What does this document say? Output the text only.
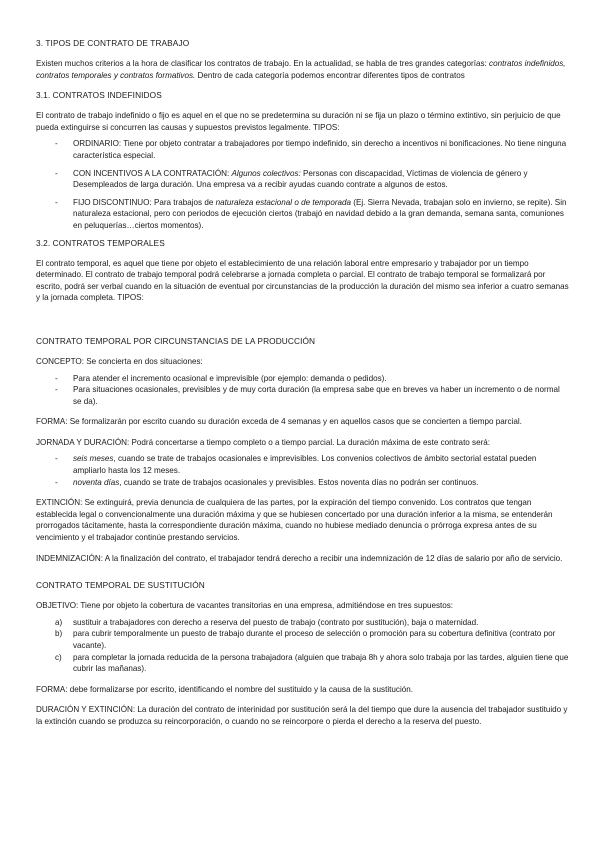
3. TIPOS DE CONTRATO DE TRABAJO

Existen muchos criterios a la hora de clasificar los contratos de trabajo. En la actualidad, se habla de tres grandes categorías: contratos indefinidos, contratos temporales y contratos formativos. Dentro de cada categoría podemos encontrar diferentes tipos de contratos

3.1. CONTRATOS INDEFINIDOS

El contrato de trabajo indefinido o fijo es aquel en el que no se predetermina su duración ni se fija un plazo o término extintivo, sin perjuicio de que pueda extinguirse si concurren las causas y supuestos previstos legalmente. TIPOS:

- ORDINARIO: Tiene por objeto contratar a trabajadores por tiempo indefinido, sin derecho a incentivos ni bonificaciones. No tiene ninguna característica especial.
- CON INCENTIVOS A LA CONTRATACIÓN: Algunos colectivos: Personas con discapacidad, Víctimas de violencia de género y Desempleados de larga duración. Una empresa va a recibir ayudas cuando contrate a algunos de estos.
- FIJO DISCONTINUO: Para trabajos de naturaleza estacional o de temporada (Ej. Sierra Nevada, trabajan solo en invierno, se repite). Sin naturaleza estacional, pero con periodos de ejecución ciertos (trabajó en navidad debido a la gran demanda, semana santa, comuniones en peluquerías…ciertos momentos).
3.2. CONTRATOS TEMPORALES

El contrato temporal, es aquel que tiene por objeto el establecimiento de una relación laboral entre empresario y trabajador por un tiempo determinado. El contrato de trabajo temporal podrá celebrarse a jornada completa o parcial. El contrato de trabajo temporal se formalizará por escrito, podrá ser verbal cuando en la situación de eventual por circunstancias de la producción la duración del mismo sea inferior a cuatro semanas y la jornada completa. TIPOS:

CONTRATO TEMPORAL POR CIRCUNSTANCIAS DE LA PRODUCCIÓN

CONCEPTO: Se concierta en dos situaciones:

- Para atender el incremento ocasional e imprevisible (por ejemplo: demanda o pedidos).
- Para situaciones ocasionales, previsibles y de muy corta duración (la empresa sabe que en breves va haber un incremento o de normal se da).

FORMA: Se formalizarán por escrito cuando su duración exceda de 4 semanas y en aquellos casos que se concierten a tiempo parcial.

JORNADA Y DURACIÓN: Podrá concertarse a tiempo completo o a tiempo parcial. La duración máxima de este contrato será:

- seis meses, cuando se trate de trabajos ocasionales e imprevisibles. Los convenios colectivos de ámbito sectorial estatal pueden ampliarlo hasta los 12 meses.
- noventa días, cuando se trate de trabajos ocasionales y previsibles. Estos noventa días no podrán ser continuos.

EXTINCIÓN: Se extinguirá, previa denuncia de cualquiera de las partes, por la expiración del tiempo convenido. Los contratos que tengan establecida legal o convencionalmente una duración máxima y que se hubiesen concertado por una duración inferior a la misma, se entenderán prorrogados tácitamente, hasta la correspondiente duración máxima, cuando no hubiese mediado denuncia o prórroga expresa antes de su vencimiento y el trabajador continúe prestando servicios.

INDEMNIZACIÓN: A la finalización del contrato, el trabajador tendrá derecho a recibir una indemnización de 12 días de salario por año de servicio.

CONTRATO TEMPORAL DE SUSTITUCIÓN

OBJETIVO: Tiene por objeto la cobertura de vacantes transitorias en una empresa, admitiéndose en tres supuestos:

a) sustituir a trabajadores con derecho a reserva del puesto de trabajo (contrato por sustitución), baja o maternidad.
b) para cubrir temporalmente un puesto de trabajo durante el proceso de selección o promoción para su cobertura definitiva (contrato por vacante).
c) para completar la jornada reducida de la persona trabajadora (alguien que trabaja 8h y ahora solo trabaja por las tardes, alguien tiene que cubrir las mañanas).

FORMA: debe formalizarse por escrito, identificando el nombre del sustituido y la causa de la sustitución.

DURACIÓN Y EXTINCIÓN: La duración del contrato de interinidad por sustitución será la del tiempo que dure la ausencia del trabajador sustituido y la extinción cuando se produzca su reincorporación, o cuando no se reincorpore o pierda el derecho a la reserva del puesto.
